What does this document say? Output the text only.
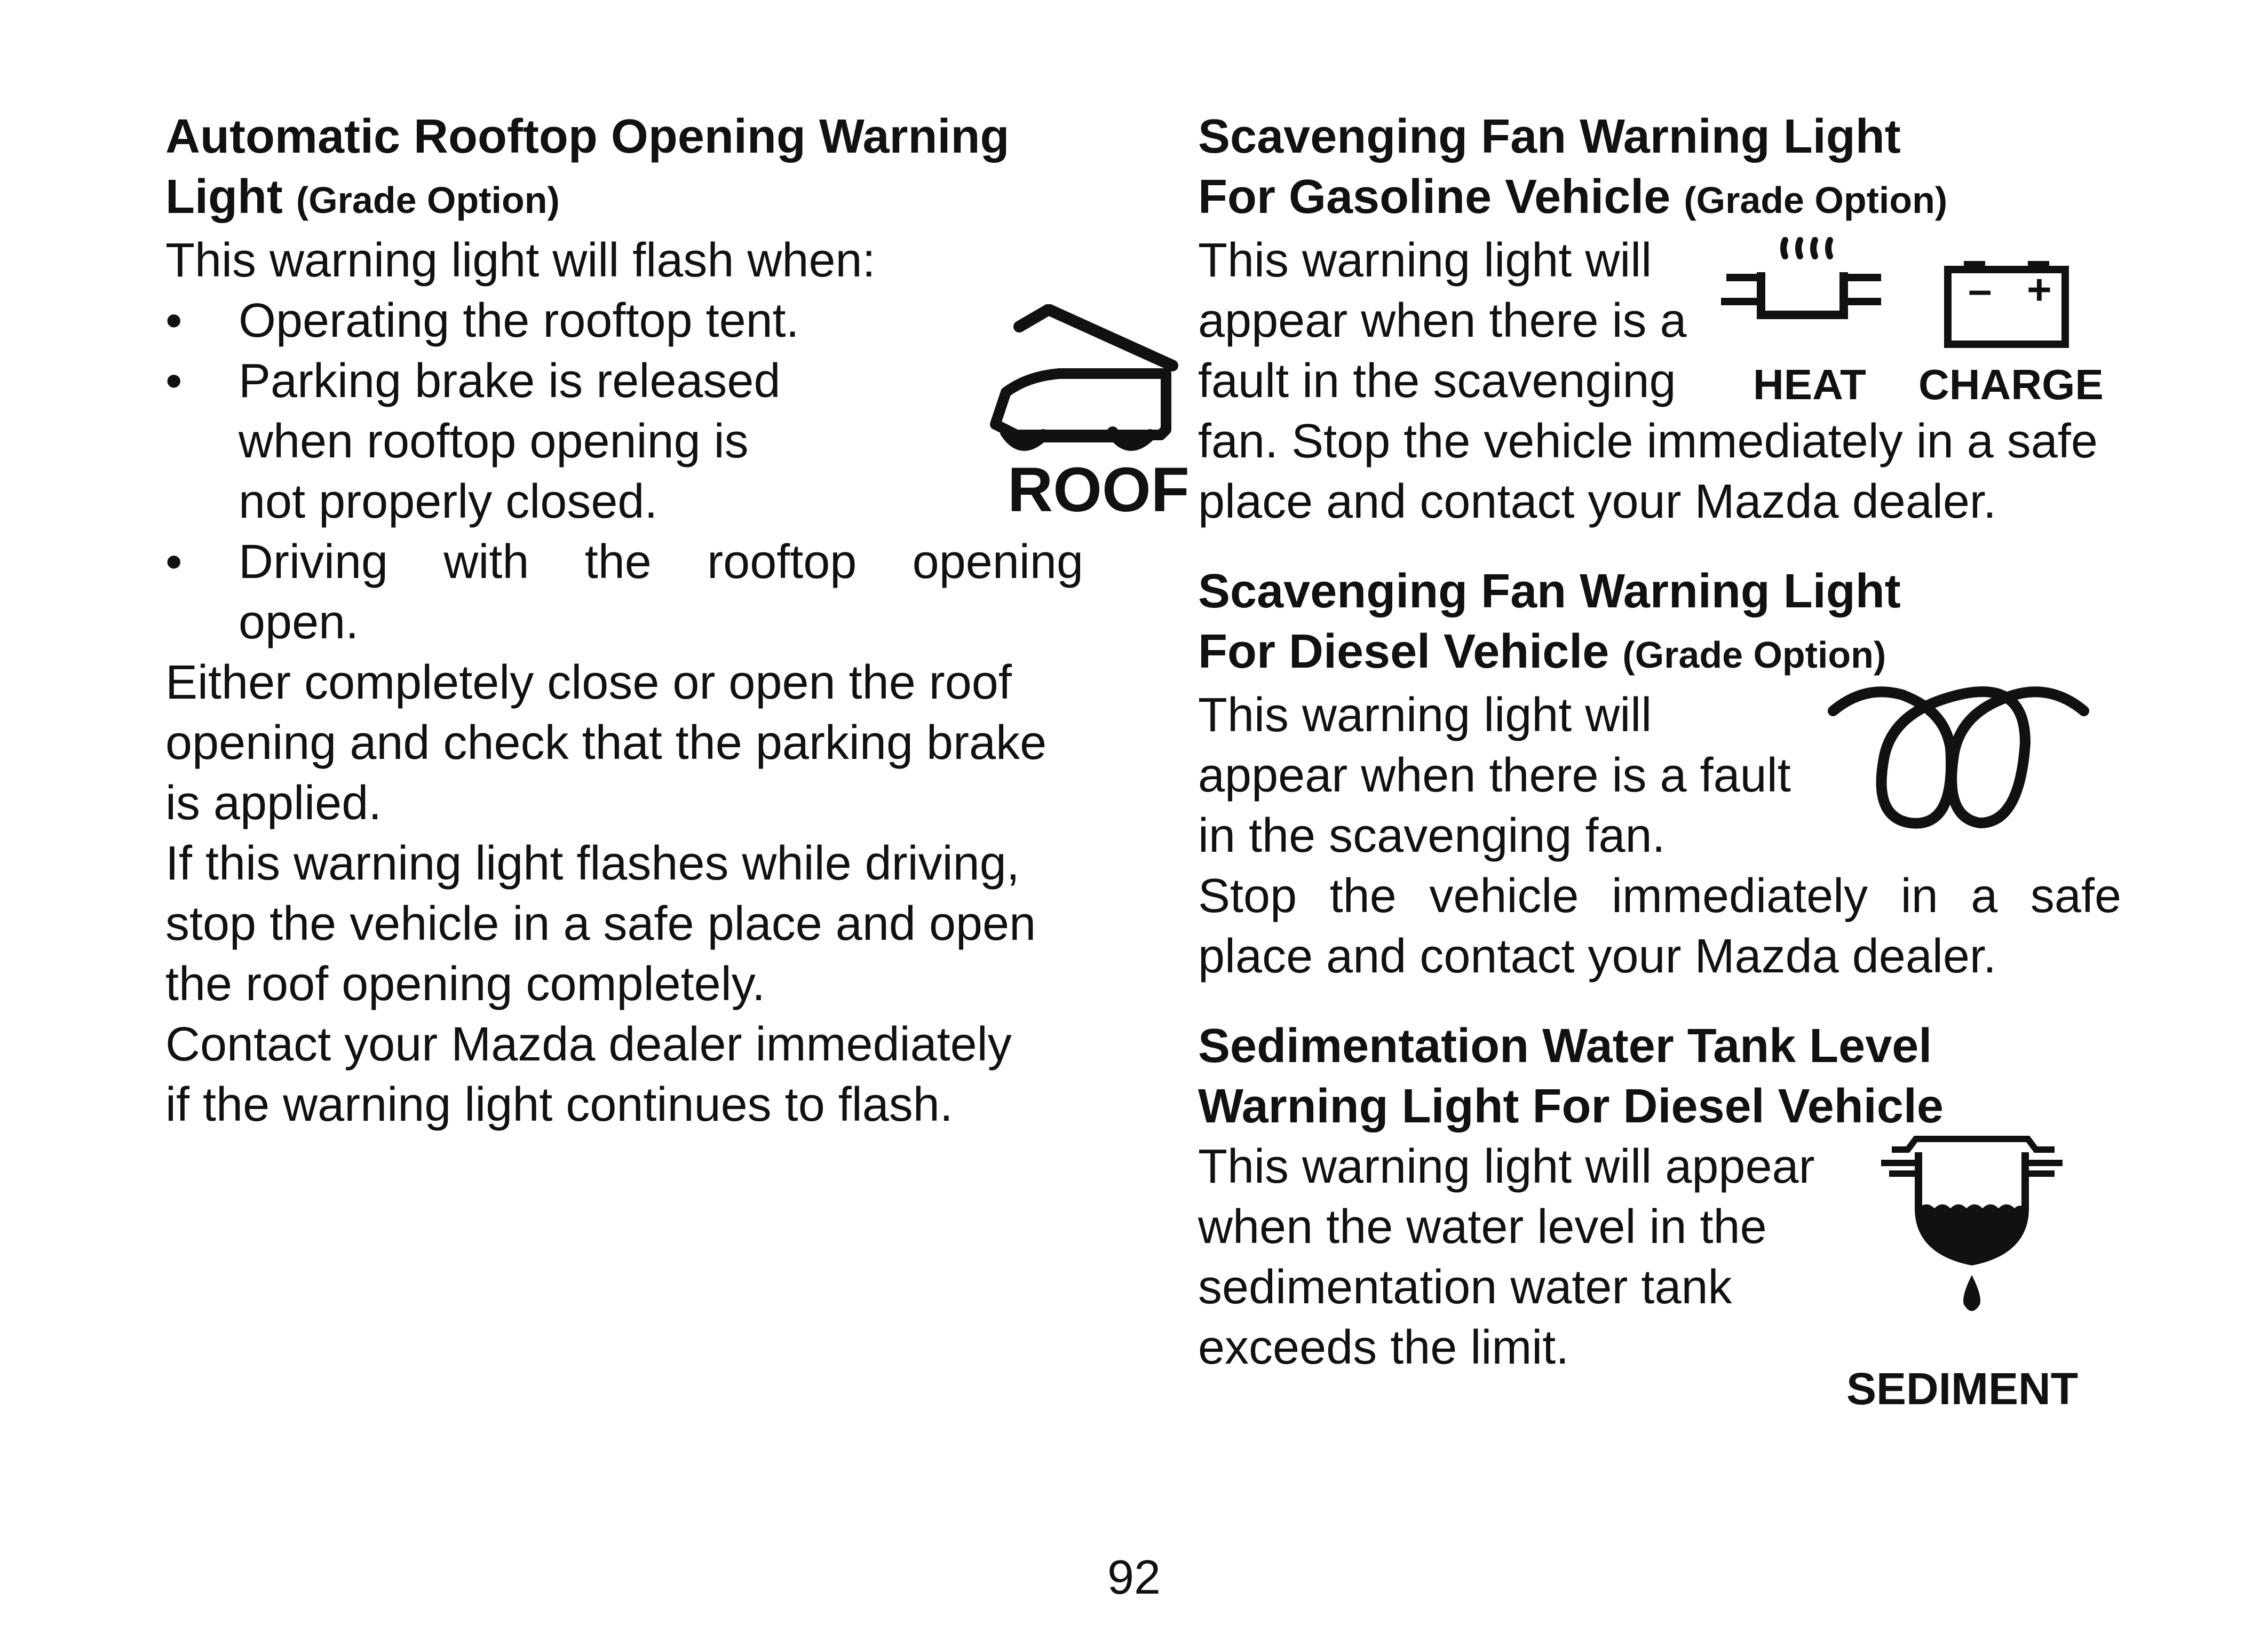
Automatic Rooftop Opening Warning
Light (Grade Option)

This warning light will flash when:

• Operating the rooftop tent.
• Parking brake is released
when rooftop opening is
not properly closed.
• Driving with the rooftop opening
open.
ROOF

Either completely close or open the roof
opening and check that the parking brake
is applied.

If this warning light flashes while driving,
stop the vehicle in a safe place and open
the roof opening completely.

Contact your Mazda dealer immediately
if the warning light continues to flash.

Scavenging Fan Warning Light
For Gasoline Vehicle (Grade Option)

This warning light will
appear when there is a
fault in the scavenging
fan. Stop the vehicle immediately in a safe
place and contact your Mazda dealer.

HEAT
– +
CHARGE

Scavenging Fan Warning Light
For Diesel Vehicle (Grade Option)

This warning light will
appear when there is a fault
in the scavenging fan.

Stop the vehicle immediately in a safe
place and contact your Mazda dealer.

Sedimentation Water Tank Level
Warning Light For Diesel Vehicle

This warning light will appear
when the water level in the
sedimentation water tank
exceeds the limit.

SEDIMENT
92
